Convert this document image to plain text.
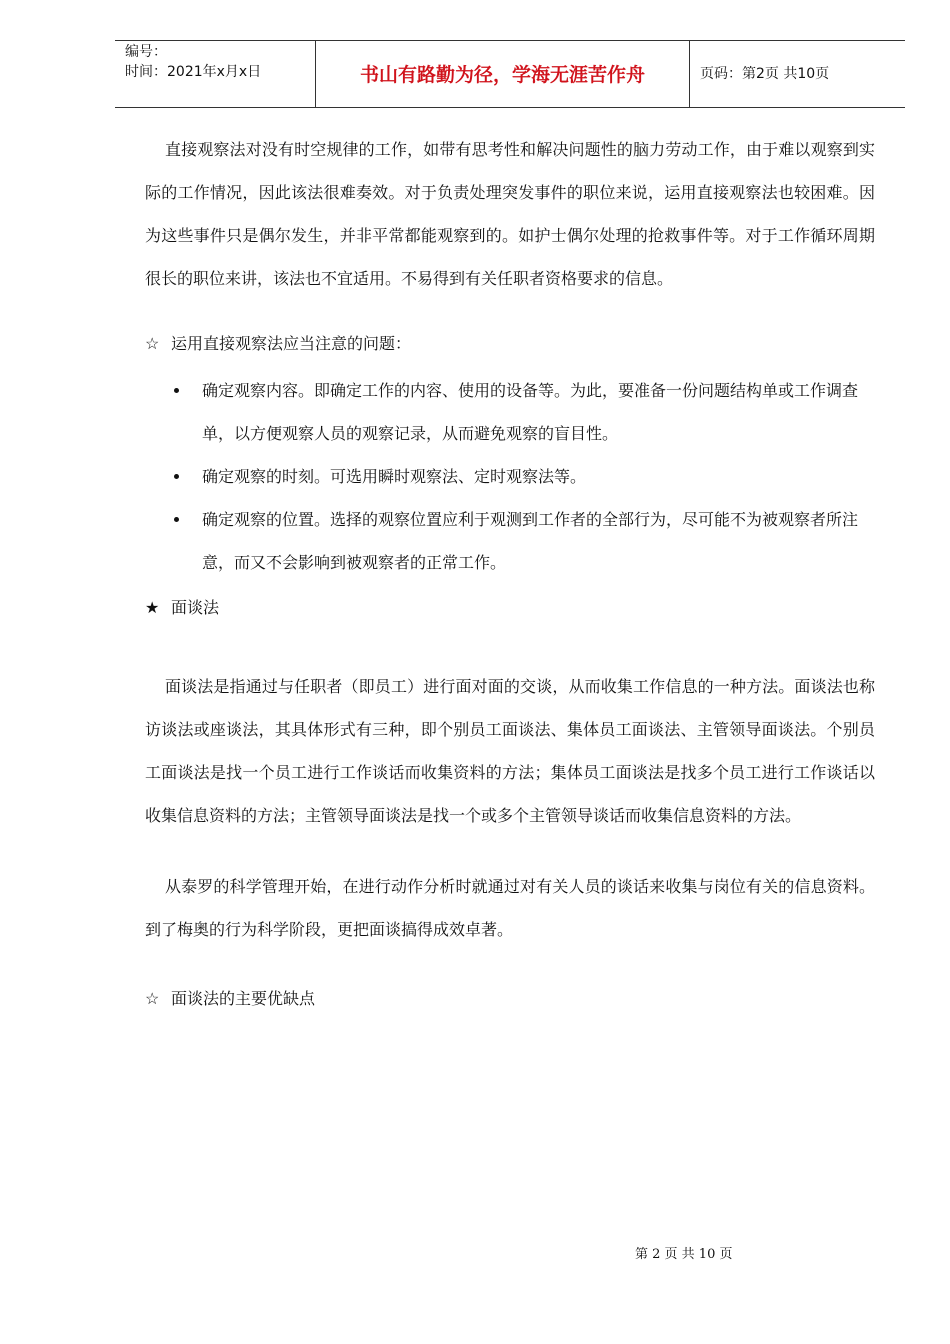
编号：
时间：2021年x月x日	书山有路勤为径，学海无涯苦作舟	页码：第2页 共10页

直接观察法对没有时空规律的工作，如带有思考性和解决问题性的脑力劳动工作，由于难以观察到实际的工作情况，因此该法很难奏效。对于负责处理突发事件的职位来说，运用直接观察法也较困难。因为这些事件只是偶尔发生，并非平常都能观察到的。如护士偶尔处理的抢救事件等。对于工作循环周期很长的职位来讲，该法也不宜适用。不易得到有关任职者资格要求的信息。

☆ 运用直接观察法应当注意的问题：

确定观察内容。即确定工作的内容、使用的设备等。为此，要准备一份问题结构单或工作调查单，以方便观察人员的观察记录，从而避免观察的盲目性。
确定观察的时刻。可选用瞬时观察法、定时观察法等。
确定观察的位置。选择的观察位置应利于观测到工作者的全部行为，尽可能不为被观察者所注意，而又不会影响到被观察者的正常工作。

★ 面谈法

面谈法是指通过与任职者（即员工）进行面对面的交谈，从而收集工作信息的一种方法。面谈法也称访谈法或座谈法，其具体形式有三种，即个别员工面谈法、集体员工面谈法、主管领导面谈法。个别员工面谈法是找一个员工进行工作谈话而收集资料的方法；集体员工面谈法是找多个员工进行工作谈话以收集信息资料的方法；主管领导面谈法是找一个或多个主管领导谈话而收集信息资料的方法。

从泰罗的科学管理开始，在进行动作分析时就通过对有关人员的谈话来收集与岗位有关的信息资料。到了梅奥的行为科学阶段，更把面谈搞得成效卓著。

☆ 面谈法的主要优缺点

第 2 页 共 10 页
